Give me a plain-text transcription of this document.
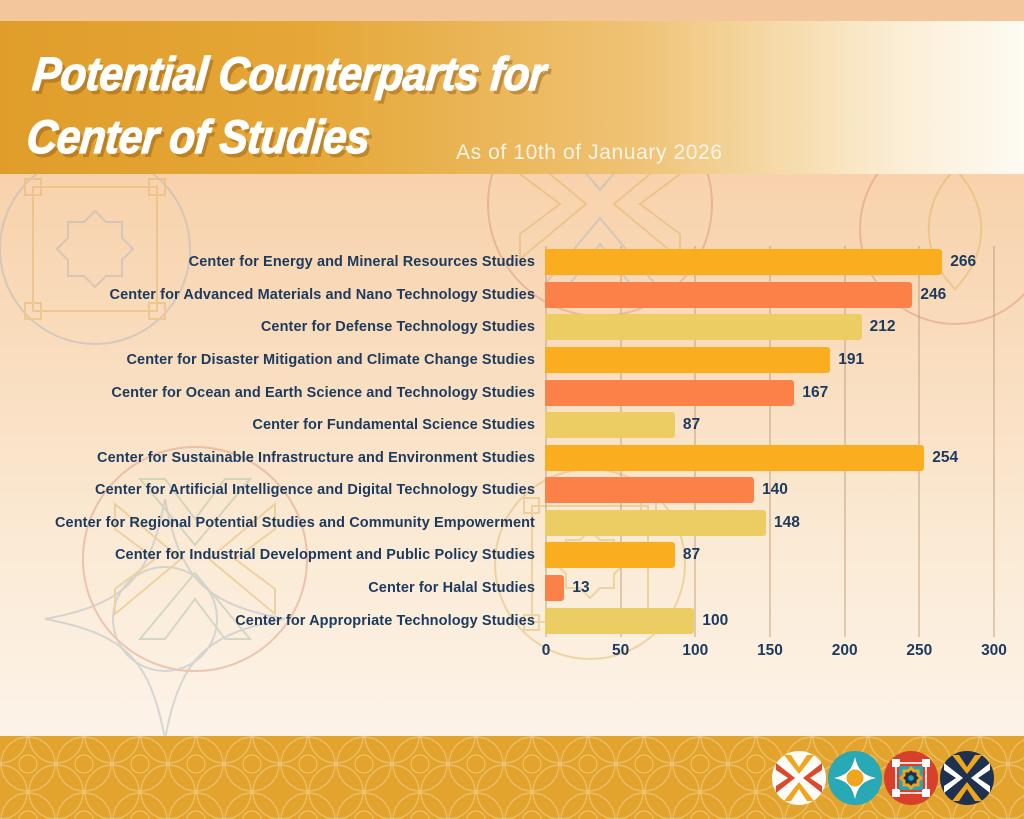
Potential Counterparts for
Center of Studies	As of 10th of January 2026
Center for Energy and Mineral Resources Studies	266
Center for Advanced Materials and Nano Technology Studies	246
Center for Defense Technology Studies	212
Center for Disaster Mitigation and Climate Change Studies	191
Center for Ocean and Earth Science and Technology Studies	167
Center for Fundamental Science Studies	87
Center for Sustainable Infrastructure and Environment Studies	254
Center for Artificial Intelligence and Digital Technology Studies	140
Center for Regional Potential Studies and Community Empowerment	148
Center for Industrial Development and Public Policy Studies	87
Center for Halal Studies 13
Center for Appropriate Technology Studies	100
0	50	100	150	200	250	300
